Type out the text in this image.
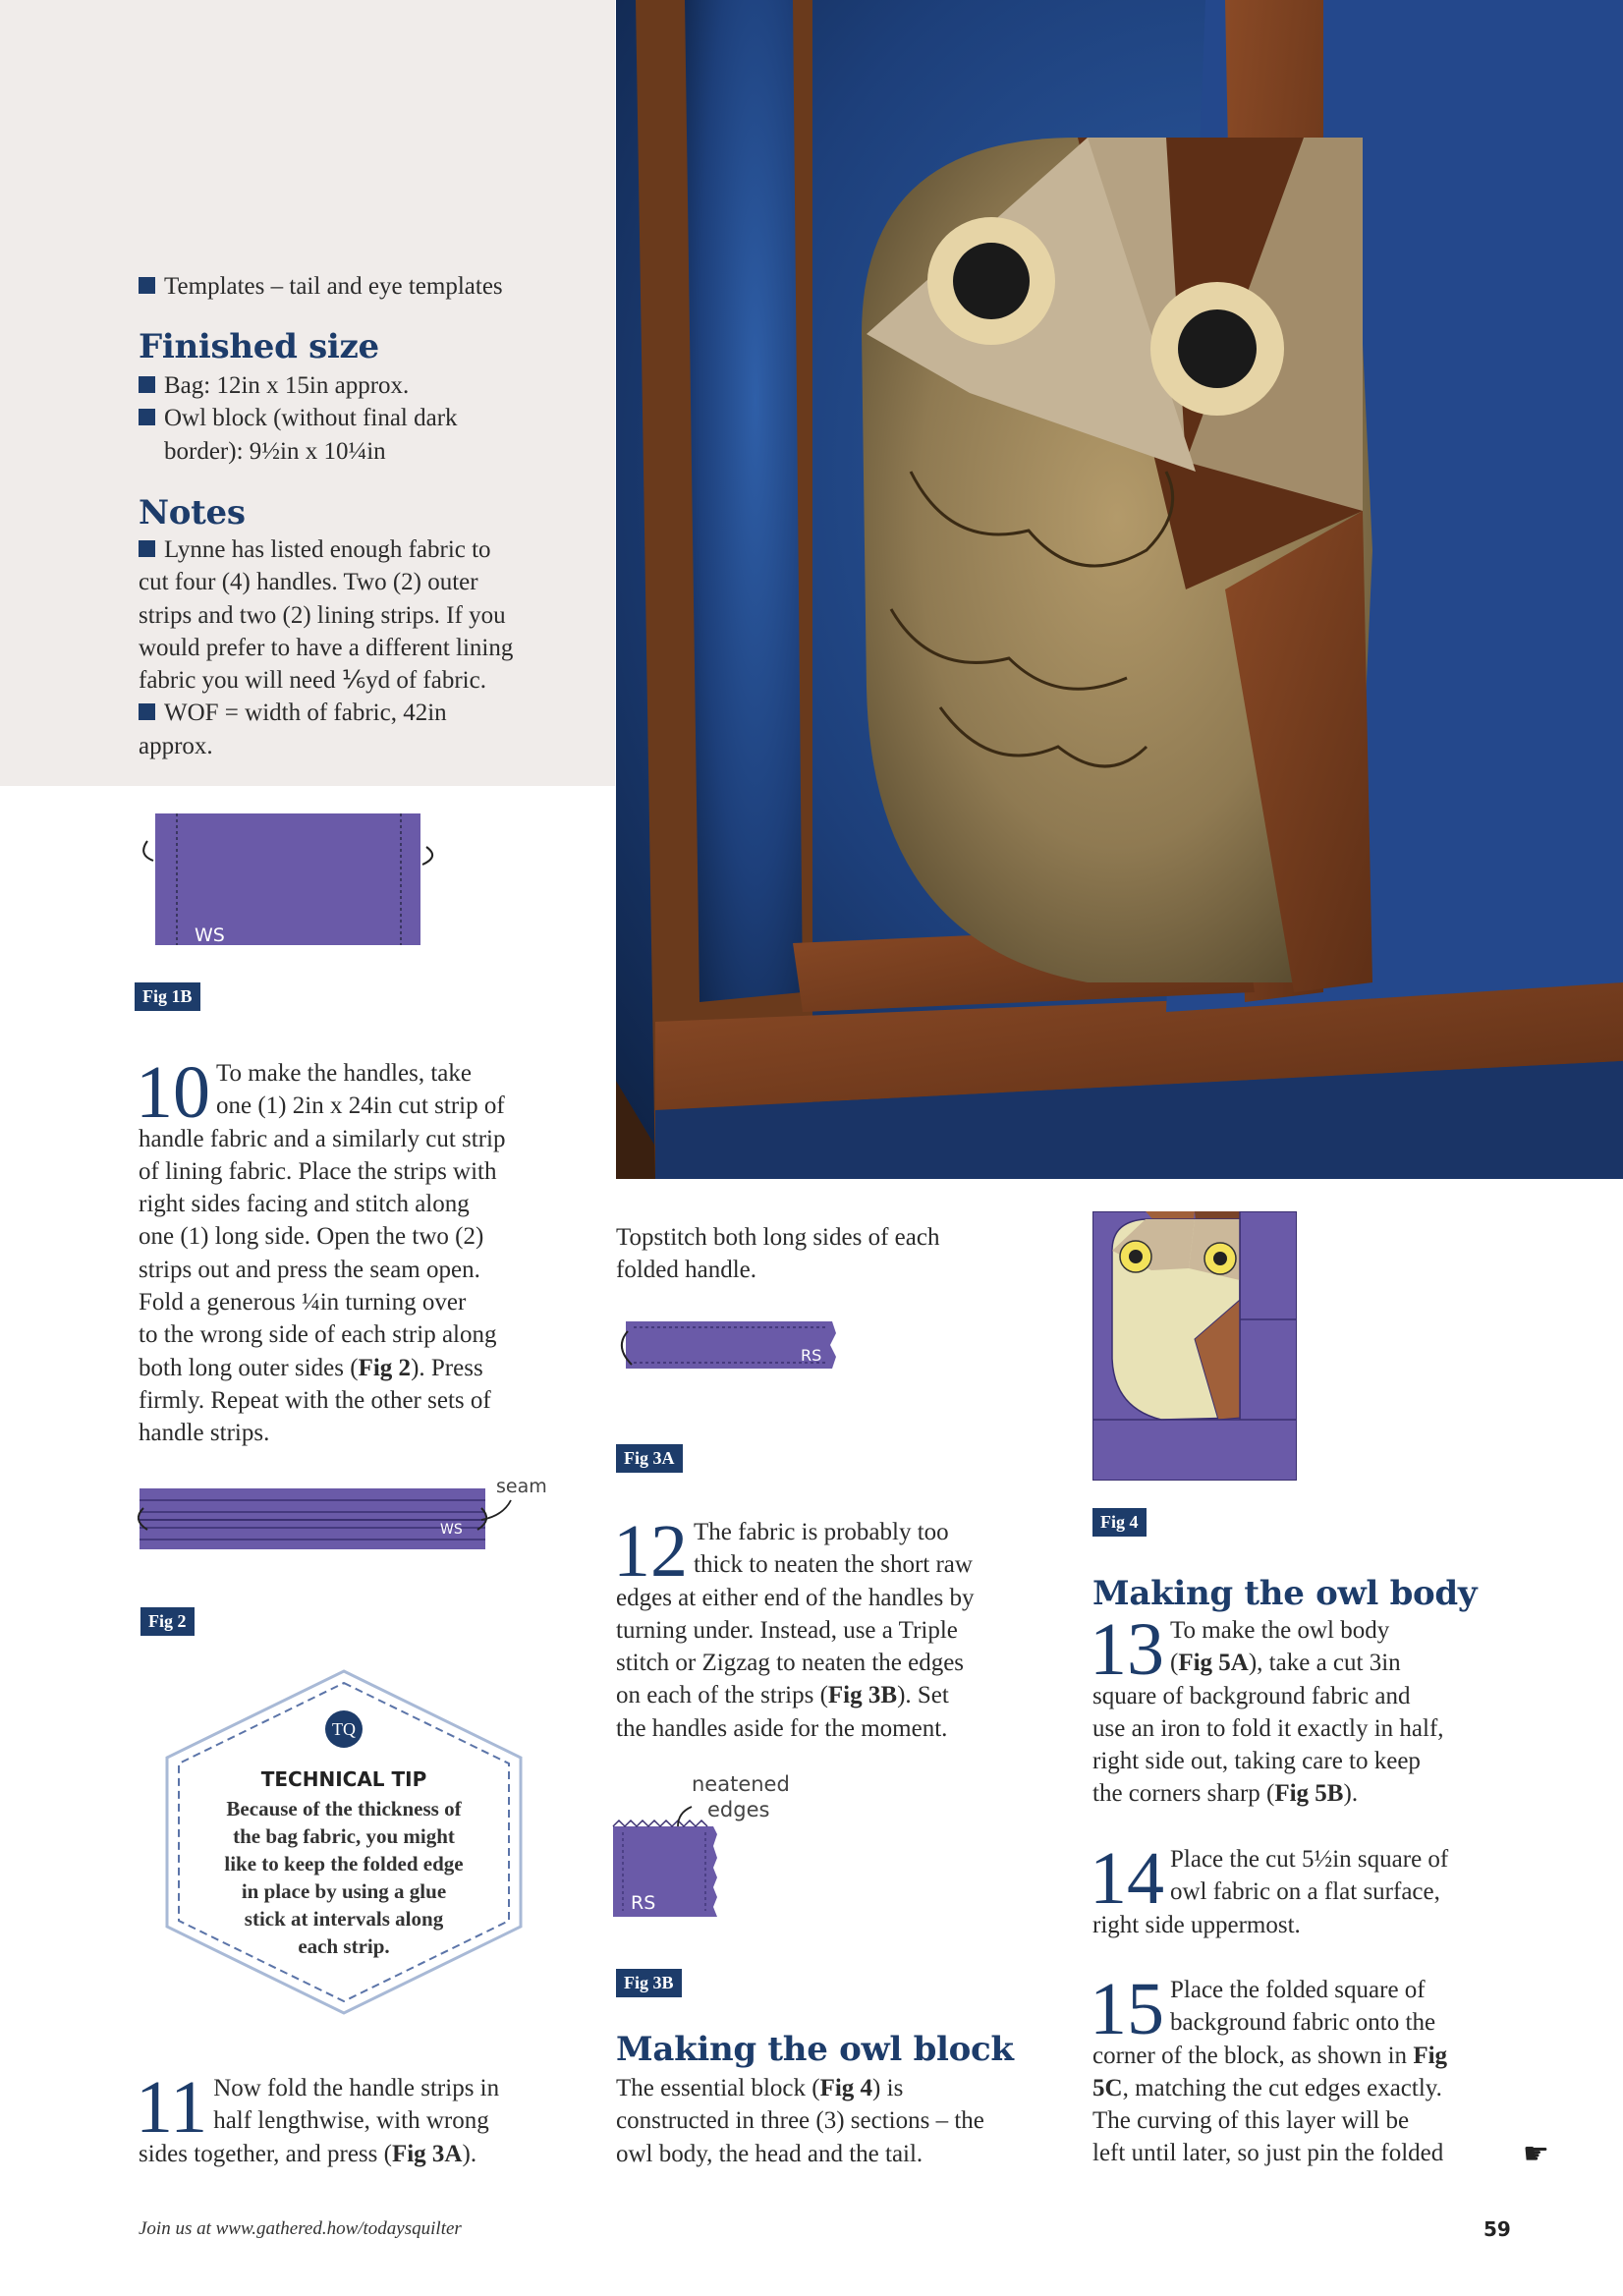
Templates – tail and eye templates
Finished size
Bag: 12in x 15in approx.
Owl block (without final dark
border): 9½in x 10¼in
Notes
Lynne has listed enough fabric to
cut four (4) handles. Two (2) outer
strips and two (2) lining strips. If you
would prefer to have a different lining
fabric you will need ⅙yd of fabric.
WOF = width of fabric, 42in
approx.
WS
Fig 1B
10 To make the handles, take
one (1) 2in x 24in cut strip of
handle fabric and a similarly cut strip
of lining fabric. Place the strips with
right sides facing and stitch along
one (1) long side. Open the two (2)
strips out and press the seam open.
Fold a generous ¼in turning over
to the wrong side of each strip along
both long outer sides (Fig 2). Press
firmly. Repeat with the other sets of
handle strips.
WS
seam
Fig 2
TQ
TECHNICAL TIP
Because of the thickness of
the bag fabric, you might
like to keep the folded edge
in place by using a glue
stick at intervals along
each strip.
11 Now fold the handle strips in
half lengthwise, with wrong
sides together, and press (Fig 3A).
Topstitch both long sides of each
folded handle.
RS
Fig 3A
12 The fabric is probably too
thick to neaten the short raw
edges at either end of the handles by
turning under. Instead, use a Triple
stitch or Zigzag to neaten the edges
on each of the strips (Fig 3B). Set
the handles aside for the moment.
RS
neatened
edges
Fig 3B
Making the owl block
The essential block (Fig 4) is
constructed in three (3) sections – the
owl body, the head and the tail.
Fig 4
Making the owl body
13 To make the owl body
(Fig 5A), take a cut 3in
square of background fabric and
use an iron to fold it exactly in half,
right side out, taking care to keep
the corners sharp (Fig 5B).
14 Place the cut 5½in square of
owl fabric on a flat surface,
right side uppermost.
15 Place the folded square of
background fabric onto the
corner of the block, as shown in Fig
5C, matching the cut edges exactly.
The curving of this layer will be
left until later, so just pin the folded	☛
Join us at www.gathered.how/todaysquilter	59
